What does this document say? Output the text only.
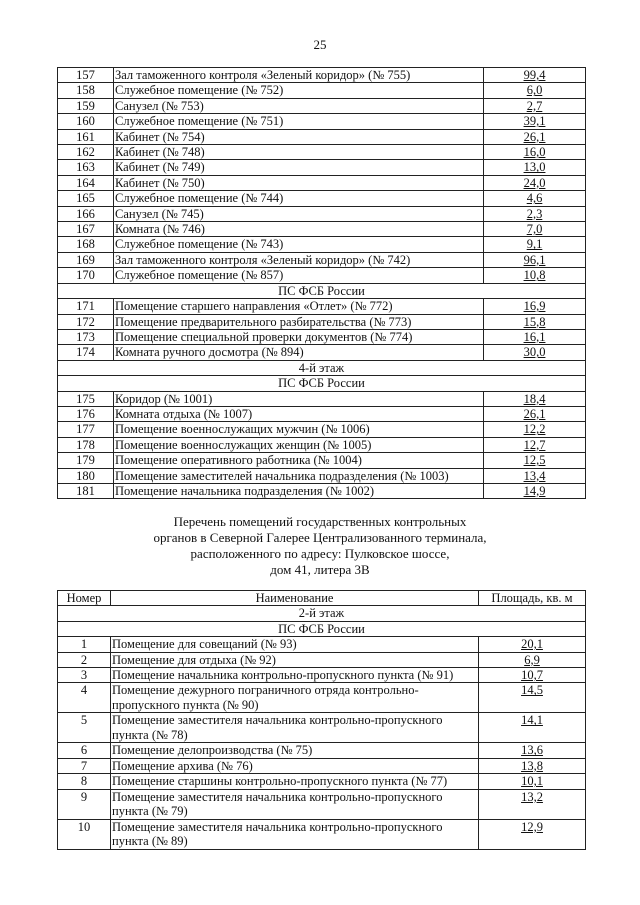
25
157	Зал таможенного контроля «Зеленый коридор» (№ 755)	99,4
158	Служебное помещение (№ 752)	6,0
159	Санузел (№ 753)	2,7
160	Служебное помещение (№ 751)	39,1
161	Кабинет (№ 754)	26,1
162	Кабинет (№ 748)	16,0
163	Кабинет (№ 749)	13,0
164	Кабинет (№ 750)	24,0
165	Служебное помещение (№ 744)	4,6
166	Санузел (№ 745)	2,3
167	Комната (№ 746)	7,0
168	Служебное помещение (№ 743)	9,1
169	Зал таможенного контроля «Зеленый коридор» (№ 742)	96,1
170	Служебное помещение (№ 857)	10,8
ПС ФСБ России		
171	Помещение старшего направления «Отлет» (№ 772)	16,9
172	Помещение предварительного разбирательства (№ 773)	15,8
173	Помещение специальной проверки документов (№ 774)	16,1
174	Комната ручного досмотра (№ 894)	30,0
4-й этаж		
ПС ФСБ России		
175	Коридор (№ 1001)	18,4
176	Комната отдыха (№ 1007)	26,1
177	Помещение военнослужащих мужчин (№ 1006)	12,2
178	Помещение военнослужащих женщин (№ 1005)	12,7
179	Помещение оперативного работника (№ 1004)	12,5
180	Помещение заместителей начальника подразделения (№ 1003)	13,4
181	Помещение начальника подразделения (№ 1002)	14,9
Перечень помещений государственных контрольных
органов в Северной Галерее Централизованного терминала,
расположенного по адресу: Пулковское шоссе,
дом 41, литера 3В
Номер	Наименование	Площадь, кв. м
2-й этаж		
ПС ФСБ России		
1	Помещение для совещаний (№ 93)	20,1
2	Помещение для отдыха (№ 92)	6,9
3	Помещение начальника контрольно-пропускного пункта (№ 91)	10,7
4	Помещение дежурного пограничного отряда контрольно-пропускного пункта (№ 90)	14,5
5	Помещение заместителя начальника контрольно-пропускного пункта (№ 78)	14,1
6	Помещение делопроизводства (№ 75)	13,6
7	Помещение архива (№ 76)	13,8
8	Помещение старшины контрольно-пропускного пункта (№ 77)	10,1
9	Помещение заместителя начальника контрольно-пропускного пункта (№ 79)	13,2
10	Помещение заместителя начальника контрольно-пропускного пункта (№ 89)	12,9
